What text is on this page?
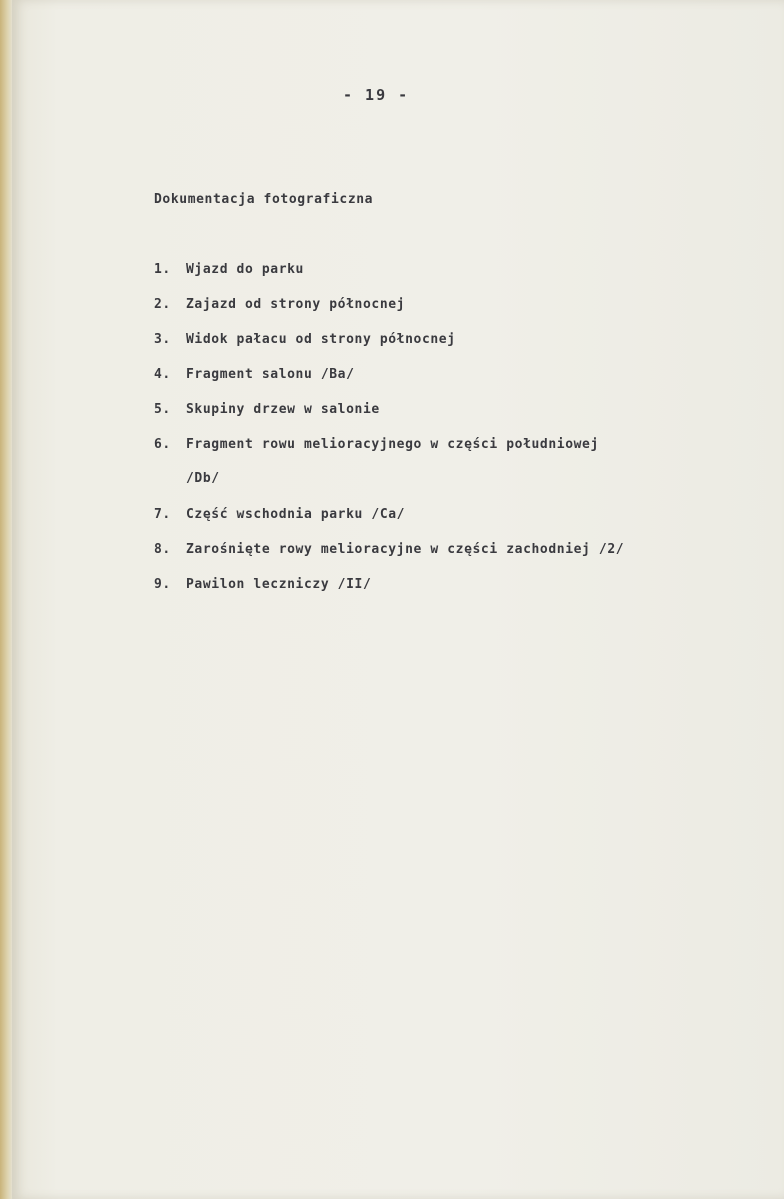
- 19 -
Dokumentacja fotograficzna
1. Wjazd do parku
2. Zajazd od strony północnej
3. Widok pałacu od strony północnej
4. Fragment salonu /Ba/
5. Skupiny drzew w salonie
6. Fragment rowu melioracyjnego w części południowej
/Db/
7. Część wschodnia parku /Ca/
8. Zarośnięte rowy melioracyjne w części zachodniej /2/
9. Pawilon leczniczy /II/
